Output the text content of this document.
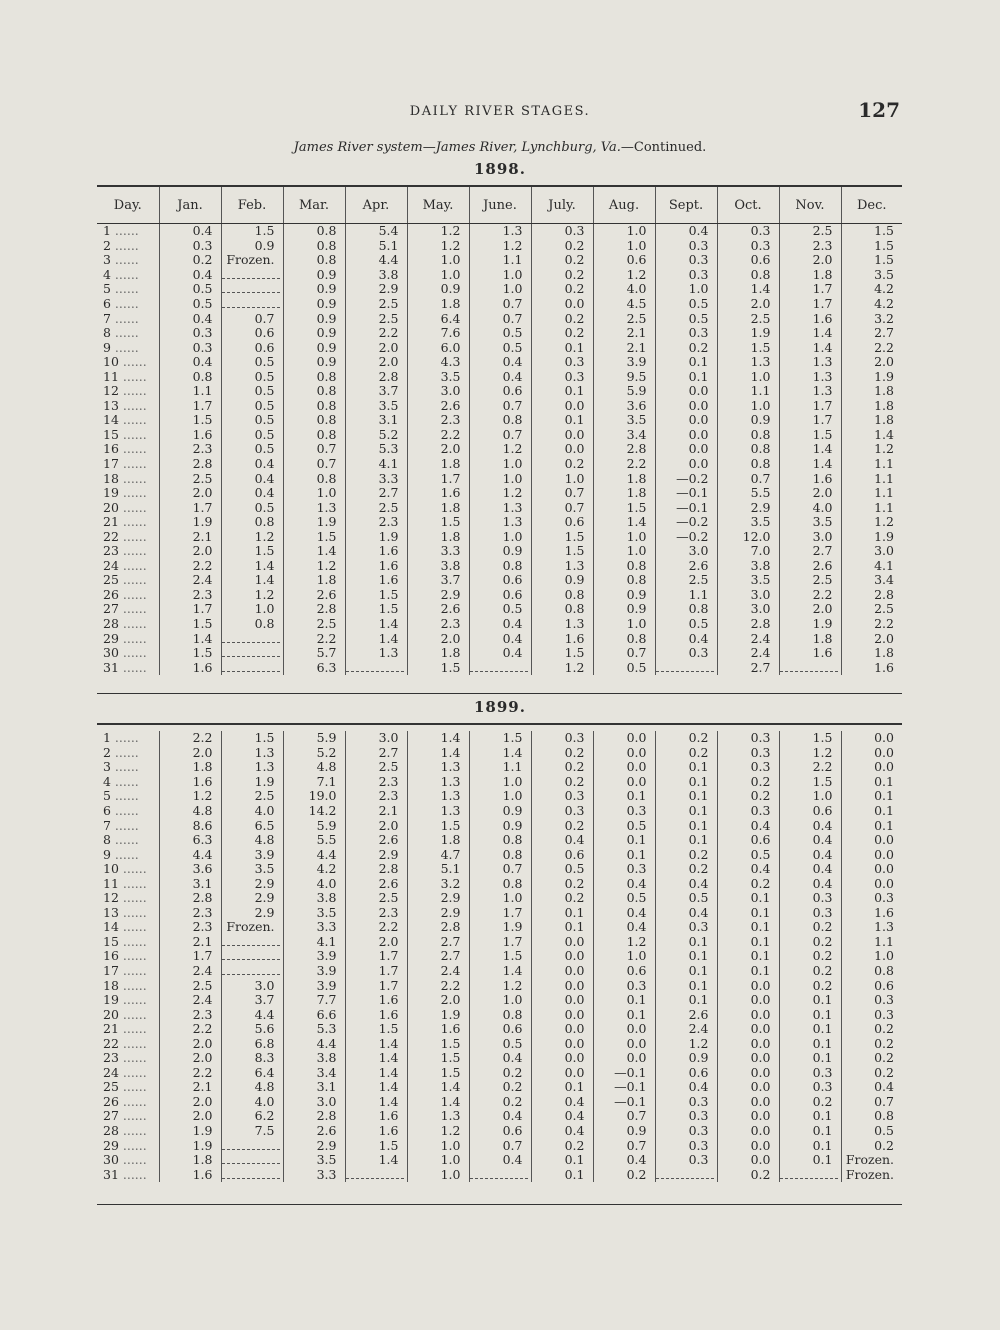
DAILY RIVER STAGES.	127
James River system—James River, Lynchburg, Va.—Continued.
1898.
Day.	Jan.	Feb.	Mar.	Apr.	May.	June.	July.	Aug.	Sept.	Oct.	Nov.	Dec.
1 ......	0.4	1.5	0.8	5.4	1.2	1.3	0.3	1.0	0.4	0.3	2.5	1.5
2 ......	0.3	0.9	0.8	5.1	1.2	1.2	0.2	1.0	0.3	0.3	2.3	1.5
3 ......	0.2	Frozen.	0.8	4.4	1.0	1.1	0.2	0.6	0.3	0.6	2.0	1.5
4 ......	0.4		0.9	3.8	1.0	1.0	0.2	1.2	0.3	0.8	1.8	3.5
5 ......	0.5		0.9	2.9	0.9	1.0	0.2	4.0	1.0	1.4	1.7	4.2
6 ......	0.5		0.9	2.5	1.8	0.7	0.0	4.5	0.5	2.0	1.7	4.2
7 ......	0.4	0.7	0.9	2.5	6.4	0.7	0.2	2.5	0.5	2.5	1.6	3.2
8 ......	0.3	0.6	0.9	2.2	7.6	0.5	0.2	2.1	0.3	1.9	1.4	2.7
9 ......	0.3	0.6	0.9	2.0	6.0	0.5	0.1	2.1	0.2	1.5	1.4	2.2
10 ......	0.4	0.5	0.9	2.0	4.3	0.4	0.3	3.9	0.1	1.3	1.3	2.0
11 ......	0.8	0.5	0.8	2.8	3.5	0.4	0.3	9.5	0.1	1.0	1.3	1.9
12 ......	1.1	0.5	0.8	3.7	3.0	0.6	0.1	5.9	0.0	1.1	1.3	1.8
13 ......	1.7	0.5	0.8	3.5	2.6	0.7	0.0	3.6	0.0	1.0	1.7	1.8
14 ......	1.5	0.5	0.8	3.1	2.3	0.8	0.1	3.5	0.0	0.9	1.7	1.8
15 ......	1.6	0.5	0.8	5.2	2.2	0.7	0.0	3.4	0.0	0.8	1.5	1.4
16 ......	2.3	0.5	0.7	5.3	2.0	1.2	0.0	2.8	0.0	0.8	1.4	1.2
17 ......	2.8	0.4	0.7	4.1	1.8	1.0	0.2	2.2	0.0	0.8	1.4	1.1
18 ......	2.5	0.4	0.8	3.3	1.7	1.0	1.0	1.8	—0.2	0.7	1.6	1.1
19 ......	2.0	0.4	1.0	2.7	1.6	1.2	0.7	1.8	—0.1	5.5	2.0	1.1
20 ......	1.7	0.5	1.3	2.5	1.8	1.3	0.7	1.5	—0.1	2.9	4.0	1.1
21 ......	1.9	0.8	1.9	2.3	1.5	1.3	0.6	1.4	—0.2	3.5	3.5	1.2
22 ......	2.1	1.2	1.5	1.9	1.8	1.0	1.5	1.0	—0.2	12.0	3.0	1.9
23 ......	2.0	1.5	1.4	1.6	3.3	0.9	1.5	1.0	3.0	7.0	2.7	3.0
24 ......	2.2	1.4	1.2	1.6	3.8	0.8	1.3	0.8	2.6	3.8	2.6	4.1
25 ......	2.4	1.4	1.8	1.6	3.7	0.6	0.9	0.8	2.5	3.5	2.5	3.4
26 ......	2.3	1.2	2.6	1.5	2.9	0.6	0.8	0.9	1.1	3.0	2.2	2.8
27 ......	1.7	1.0	2.8	1.5	2.6	0.5	0.8	0.9	0.8	3.0	2.0	2.5
28 ......	1.5	0.8	2.5	1.4	2.3	0.4	1.3	1.0	0.5	2.8	1.9	2.2
29 ......	1.4		2.2	1.4	2.0	0.4	1.6	0.8	0.4	2.4	1.8	2.0
30 ......	1.5		5.7	1.3	1.8	0.4	1.5	0.7	0.3	2.4	1.6	1.8
31 ......	1.6		6.3		1.5		1.2	0.5		2.7		1.6
1899.
1 ......	2.2	1.5	5.9	3.0	1.4	1.5	0.3	0.0	0.2	0.3	1.5	0.0
2 ......	2.0	1.3	5.2	2.7	1.4	1.4	0.2	0.0	0.2	0.3	1.2	0.0
3 ......	1.8	1.3	4.8	2.5	1.3	1.1	0.2	0.0	0.1	0.3	2.2	0.0
4 ......	1.6	1.9	7.1	2.3	1.3	1.0	0.2	0.0	0.1	0.2	1.5	0.1
5 ......	1.2	2.5	19.0	2.3	1.3	1.0	0.3	0.1	0.1	0.2	1.0	0.1
6 ......	4.8	4.0	14.2	2.1	1.3	0.9	0.3	0.3	0.1	0.3	0.6	0.1
7 ......	8.6	6.5	5.9	2.0	1.5	0.9	0.2	0.5	0.1	0.4	0.4	0.1
8 ......	6.3	4.8	5.5	2.6	1.8	0.8	0.4	0.1	0.1	0.6	0.4	0.0
9 ......	4.4	3.9	4.4	2.9	4.7	0.8	0.6	0.1	0.2	0.5	0.4	0.0
10 ......	3.6	3.5	4.2	2.8	5.1	0.7	0.5	0.3	0.2	0.4	0.4	0.0
11 ......	3.1	2.9	4.0	2.6	3.2	0.8	0.2	0.4	0.4	0.2	0.4	0.0
12 ......	2.8	2.9	3.8	2.5	2.9	1.0	0.2	0.5	0.5	0.1	0.3	0.3
13 ......	2.3	2.9	3.5	2.3	2.9	1.7	0.1	0.4	0.4	0.1	0.3	1.6
14 ......	2.3	Frozen.	3.3	2.2	2.8	1.9	0.1	0.4	0.3	0.1	0.2	1.3
15 ......	2.1		4.1	2.0	2.7	1.7	0.0	1.2	0.1	0.1	0.2	1.1
16 ......	1.7		3.9	1.7	2.7	1.5	0.0	1.0	0.1	0.1	0.2	1.0
17 ......	2.4		3.9	1.7	2.4	1.4	0.0	0.6	0.1	0.1	0.2	0.8
18 ......	2.5	3.0	3.9	1.7	2.2	1.2	0.0	0.3	0.1	0.0	0.2	0.6
19 ......	2.4	3.7	7.7	1.6	2.0	1.0	0.0	0.1	0.1	0.0	0.1	0.3
20 ......	2.3	4.4	6.6	1.6	1.9	0.8	0.0	0.1	2.6	0.0	0.1	0.3
21 ......	2.2	5.6	5.3	1.5	1.6	0.6	0.0	0.0	2.4	0.0	0.1	0.2
22 ......	2.0	6.8	4.4	1.4	1.5	0.5	0.0	0.0	1.2	0.0	0.1	0.2
23 ......	2.0	8.3	3.8	1.4	1.5	0.4	0.0	0.0	0.9	0.0	0.1	0.2
24 ......	2.2	6.4	3.4	1.4	1.5	0.2	0.0	—0.1	0.6	0.0	0.3	0.2
25 ......	2.1	4.8	3.1	1.4	1.4	0.2	0.1	—0.1	0.4	0.0	0.3	0.4
26 ......	2.0	4.0	3.0	1.4	1.4	0.2	0.4	—0.1	0.3	0.0	0.2	0.7
27 ......	2.0	6.2	2.8	1.6	1.3	0.4	0.4	0.7	0.3	0.0	0.1	0.8
28 ......	1.9	7.5	2.6	1.6	1.2	0.6	0.4	0.9	0.3	0.0	0.1	0.5
29 ......	1.9		2.9	1.5	1.0	0.7	0.2	0.7	0.3	0.0	0.1	0.2
30 ......	1.8		3.5	1.4	1.0	0.4	0.1	0.4	0.3	0.0	0.1	Frozen.
31 ......	1.6		3.3		1.0		0.1	0.2		0.2		Frozen.
